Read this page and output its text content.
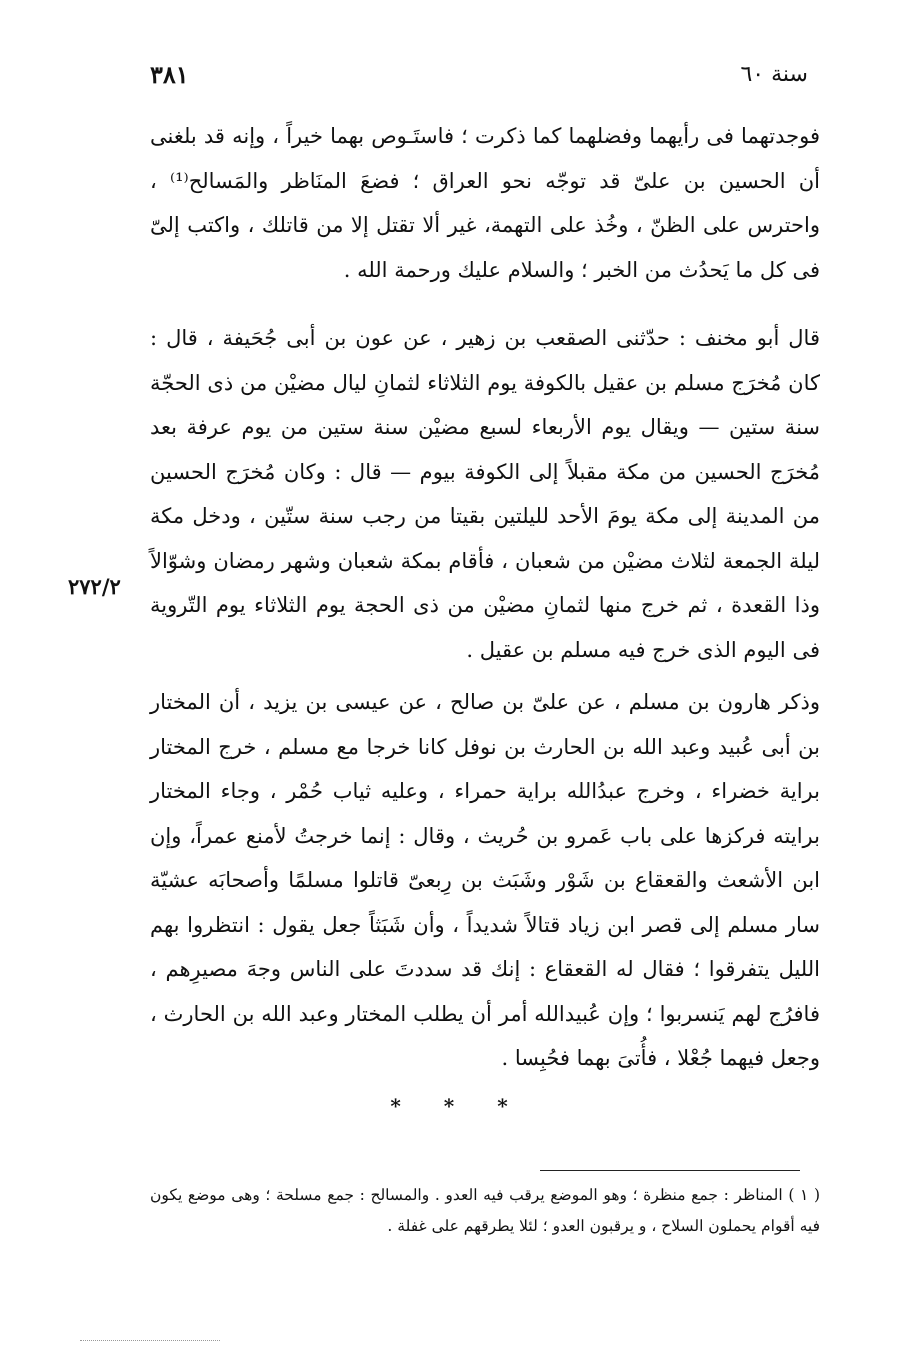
٣٨١	سنة ٦٠

فوجدتهما فى رأيهما وفضلهما كما ذكرت ؛ فاستَـوص بهما خيراً ، وإنه قد بلغنى أن الحسين بن علىّ قد توجّه نحو العراق ؛ فضعَ المنَاظر والمَسالح⁽¹⁾ ، واحترس على الظنّ ، وخُذ على التهمة، غير ألا تقتل إلا من قاتلك ، واكتب إلىّ فى كل ما يَحدُث من الخبر ؛ والسلام عليك ورحمة الله .

قال أبو مخنف : حدّثنى الصقعب بن زهير ، عن عون بن أبى جُحَيفة ، قال : كان مُخرَج مسلم بن عقيل بالكوفة يوم الثلاثاء لثمانِ ليال مضيْن من ذى الحجّة سنة ستين — ويقال يوم الأربعاء لسبع مضيْن سنة ستين من يوم عرفة بعد مُخرَج الحسين من مكة مقبلاً إلى الكوفة بيوم — قال : وكان مُخرَج الحسين من المدينة إلى مكة يومَ الأحد لليلتين بقيتا من رجب سنة ستّين ، ودخل مكة ليلة الجمعة لثلاث مضيْن من شعبان ، فأقام بمكة شعبان وشهر رمضان وشوّالاً وذا القعدة ، ثم خرج منها لثمانِ مضيْن من ذى الحجة يوم الثلاثاء يوم التّروية فى اليوم الذى خرج فيه مسلم بن عقيل .

وذكر هارون بن مسلم ، عن علىّ بن صالح ، عن عيسى بن يزيد ، أن المختار بن أبى عُبيد وعبد الله بن الحارث بن نوفل كانا خرجا مع مسلم ، خرج المختار براية خضراء ، وخرج عبدُالله براية حمراء ، وعليه ثياب حُمْر ، وجاء المختار برايته فركزها على باب عَمرو بن حُريث ، وقال : إنما خرجتُ لأمنع عمراً، وإن ابن الأشعث والقعقاع بن شَوْر وشَبَث بن رِبعىّ قاتلوا مسلمًا وأصحابَه عشيّة سار مسلم إلى قصر ابن زياد قتالاً شديداً ، وأن شَبَثاً جعل يقول : انتظروا بهم الليل يتفرقوا ؛ فقال له القعقاع : إنك قد سددتَ على الناس وجهَ مصيرِهم ، فافرُج لهم يَنسربوا ؛ وإن عُبيدالله أمر أن يطلب المختار وعبد الله بن الحارث ، وجعل فيهما جُعْلا ، فأُتىَ بهما فحُبِسا .

٢٧٢/٢
* * *

( ١ ) المناظر : جمع منظرة ؛ وهو الموضع يرقب فيه العدو . والمسالح : جمع مسلحة ؛ وهى موضع يكون فيه أقوام يحملون السلاح ، و يرقبون العدو ؛ لئلا يطرقهم على غفلة .
